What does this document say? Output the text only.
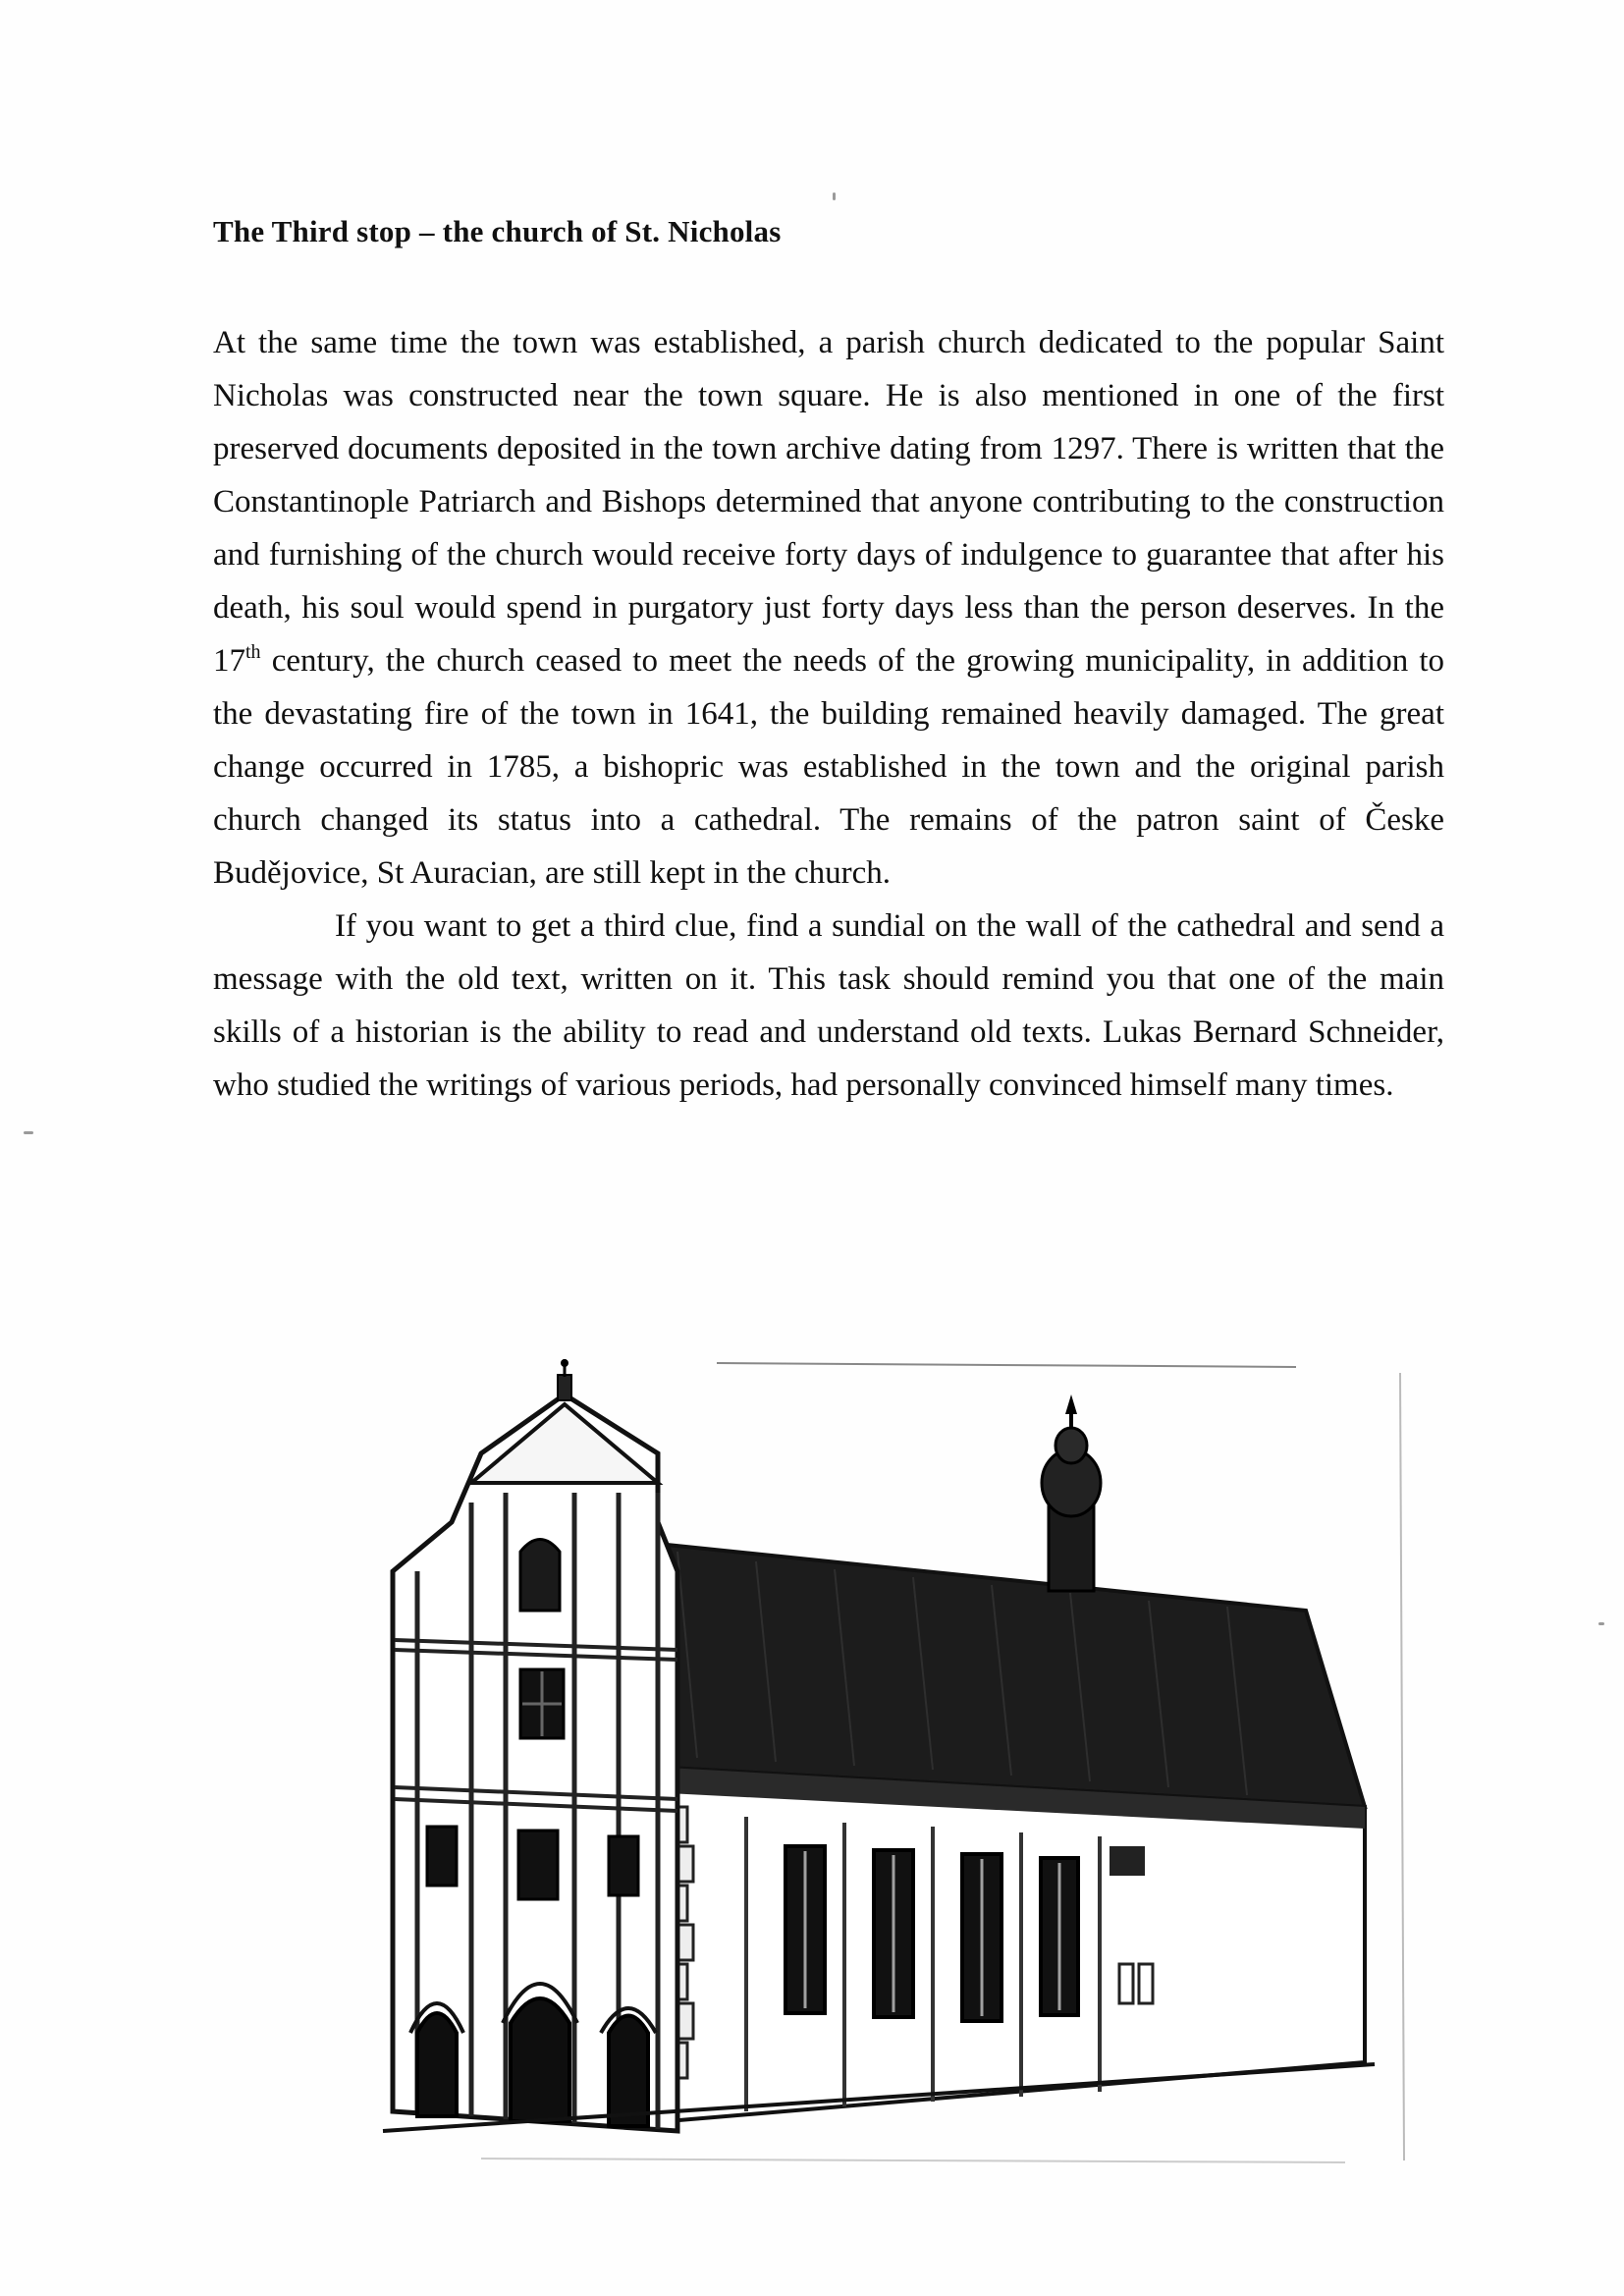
The Third stop – the church of St. Nicholas

At the same time the town was established, a parish church dedicated to the popular Saint Nicholas was constructed near the town square. He is also mentioned in one of the first preserved documents deposited in the town archive dating from 1297. There is written that the Constantinople Patriarch and Bishops determined that anyone contributing to the construction and furnishing of the church would receive forty days of indulgence to guarantee that after his death, his soul would spend in purgatory just forty days less than the person deserves. In the 17th century, the church ceased to meet the needs of the growing municipality, in addition to the devastating fire of the town in 1641, the building remained heavily damaged. The great change occurred in 1785, a bishopric was established in the town and the original parish church changed its status into a cathedral. The remains of the patron saint of Česke Budějovice, St Auracian, are still kept in the church.

If you want to get a third clue, find a sundial on the wall of the cathedral and send a message with the old text, written on it. This task should remind you that one of the main skills of a historian is the ability to read and understand old texts. Lukas Bernard Schneider, who studied the writings of various periods, had personally convinced himself many times.
